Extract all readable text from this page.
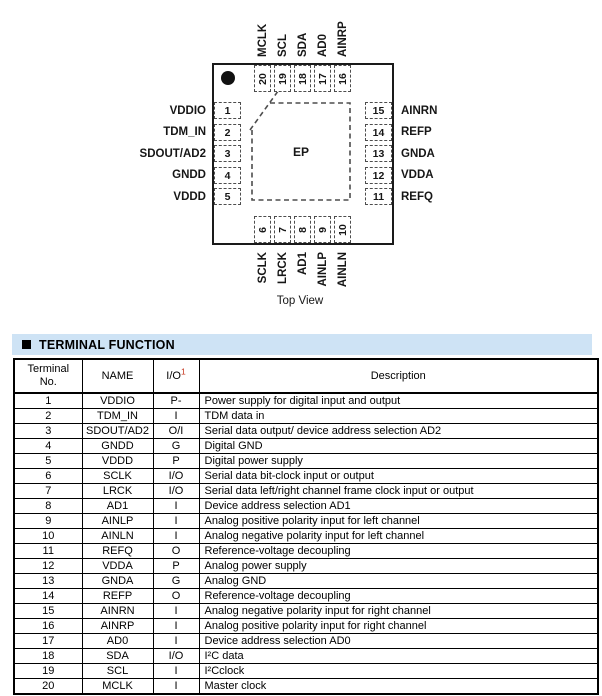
EP
20 19 18 17 16
MCLK SCL SDA AD0 AINRP
1
2
3
4
5
VDDIO
TDM_IN
SDOUT/AD2
GNDD
VDDD
15
14
13
12
11
AINRN
REFP
GNDA
VDDA
REFQ
6 7 8 9 10
SCLK LRCK AD1 AINLP AINLN
Top View
TERMINAL FUNCTION
Terminal
No.	NAME	$I/O^1$	Description
1	VDDIO	P-	Power supply for digital input and output
2	TDM_IN	I	TDM data in
3	SDOUT/AD2	O/I	Serial data output/ device address selection AD2
4	GNDD	G	Digital GND
5	VDDD	P	Digital power supply
6	SCLK	I/O	Serial data bit-clock input or output
7	LRCK	I/O	Serial data left/right channel frame clock input or output
8	AD1	I	Device address selection AD1
9	AINLP	I	Analog positive polarity input for left channel
10	AINLN	I	Analog negative polarity input for left channel
11	REFQ	O	Reference-voltage decoupling
12	VDDA	P	Analog power supply
13	GNDA	G	Analog GND
14	REFP	O	Reference-voltage decoupling
15	AINRN	I	Analog negative polarity input for right channel
16	AINRP	I	Analog positive polarity input for right channel
17	AD0	I	Device address selection AD0
18	SDA	I/O	I²C data
19	SCL	I	I²Cclock
20	MCLK	I	Master clock
